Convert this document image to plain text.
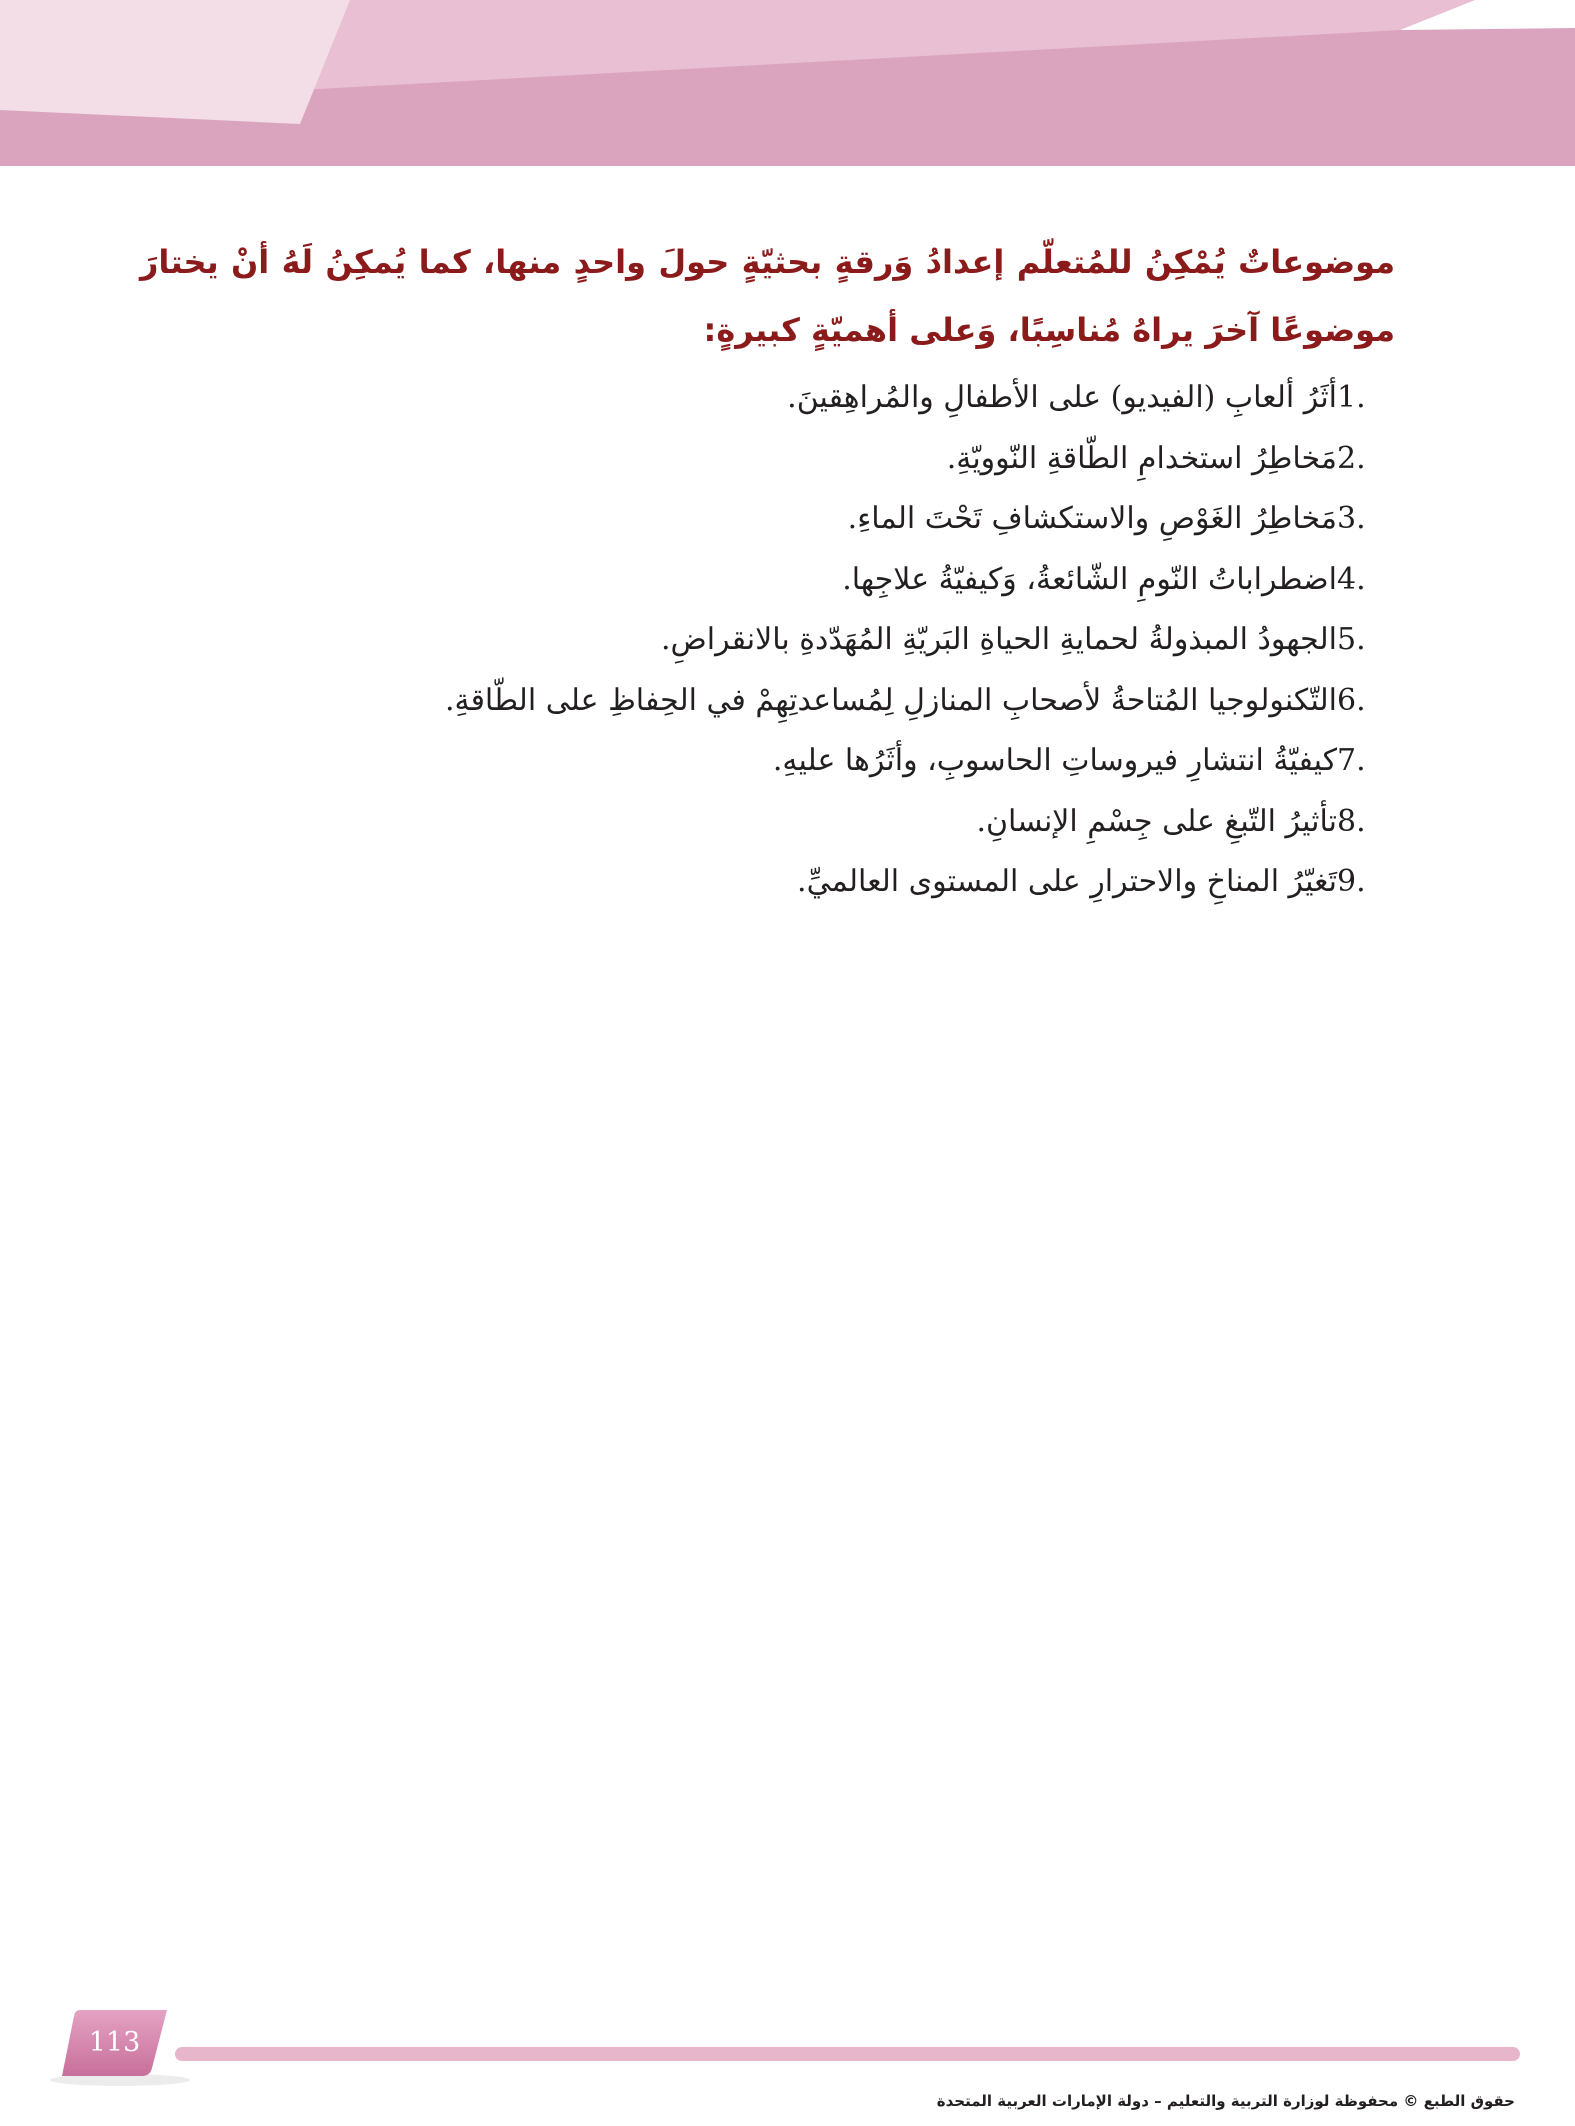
موضوعاتٌ يُمْكِنُ للمُتعلّم إعدادُ وَرقةٍ بحثيّةٍ حولَ واحدٍ منها، كما يُمكِنُ لَهُ أنْ يختارَ موضوعًا آخرَ يراهُ مُناسِبًا، وَعلى أهميّةٍ كبيرةٍ:

1.
أثَرُ ألعابِ (الفيديو) على الأطفالِ والمُراهِقينَ.
2.
مَخاطِرُ استخدامِ الطّاقةِ النّوويّةِ.
3.
مَخاطِرُ الغَوْصِ والاستكشافِ تَحْتَ الماءِ.
4.
اضطراباتُ النّومِ الشّائعةُ، وَكيفيّةُ علاجِها.
5.
الجهودُ المبذولةُ لحمايةِ الحياةِ البَريّةِ المُهَدّدةِ بالانقراضِ.
6.
التّكنولوجيا المُتاحةُ لأصحابِ المنازلِ لِمُساعدتِهِمْ في الحِفاظِ على الطّاقةِ.
7.
كيفيّةُ انتشارِ فيروساتِ الحاسوبِ، وأثَرُها عليهِ.
8.
تأثيرُ التّبغِ على جِسْمِ الإنسانِ.
9.
تَغيّرُ المناخِ والاحترارِ على المستوى العالميِّ.
113
حقوق الطبع © محفوظة لوزارة التربية والتعليم – دولة الإمارات العربية المتحدة
